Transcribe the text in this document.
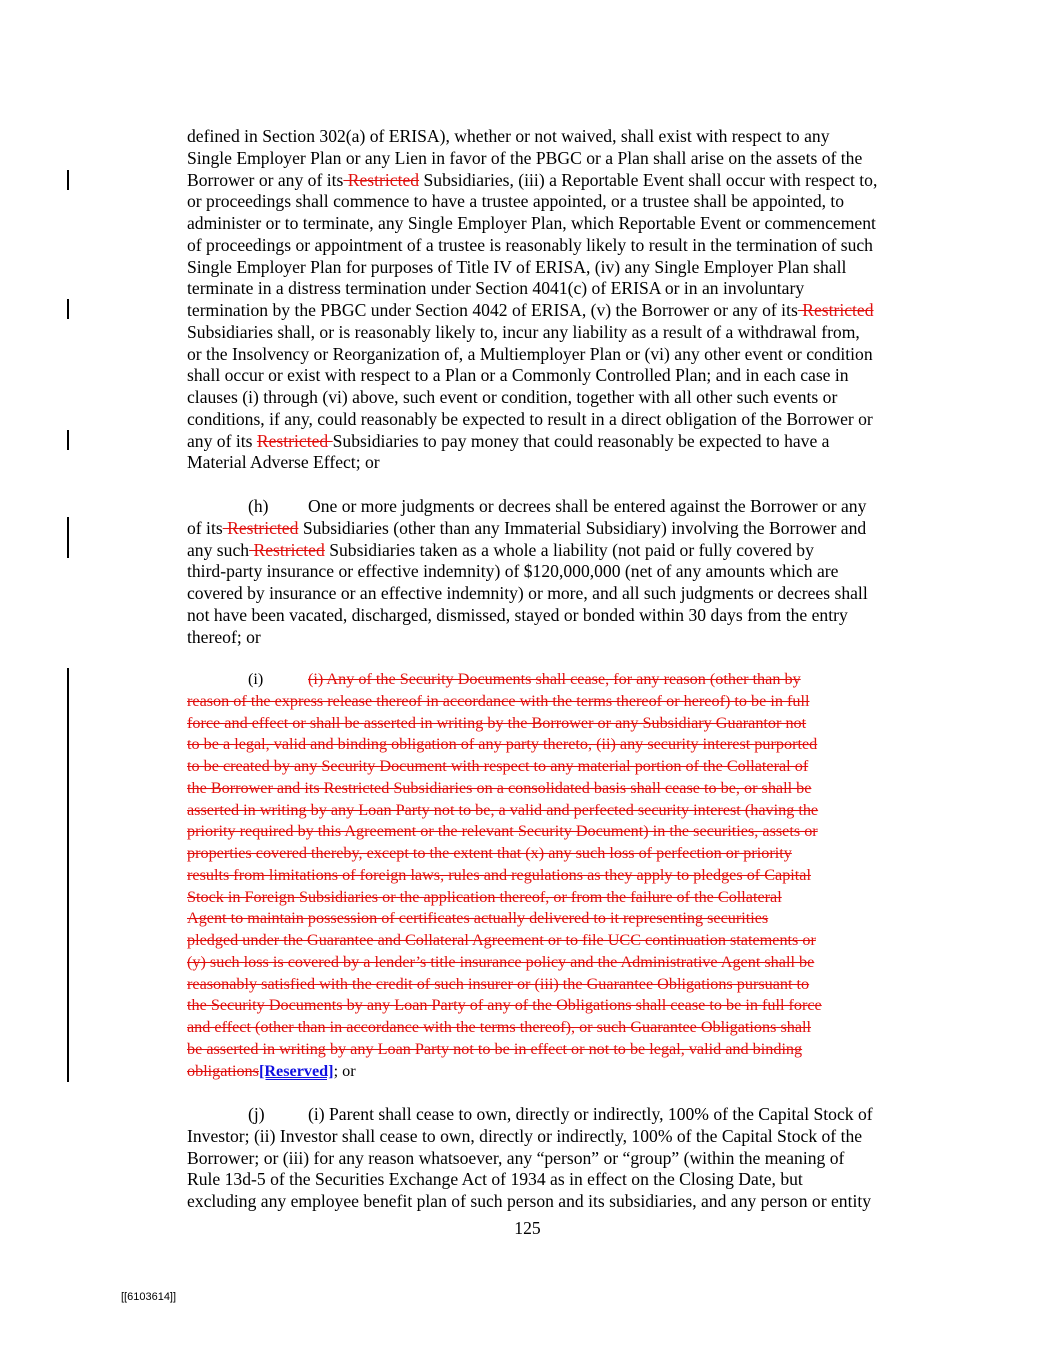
defined in Section 302(a) of ERISA), whether or not waived, shall exist with respect to any
Single Employer Plan or any Lien in favor of the PBGC or a Plan shall arise on the assets of the
Borrower or any of its Restricted Subsidiaries, (iii) a Reportable Event shall occur with respect to,
or proceedings shall commence to have a trustee appointed, or a trustee shall be appointed, to
administer or to terminate, any Single Employer Plan, which Reportable Event or commencement
of proceedings or appointment of a trustee is reasonably likely to result in the termination of such
Single Employer Plan for purposes of Title IV of ERISA, (iv) any Single Employer Plan shall
terminate in a distress termination under Section 4041(c) of ERISA or in an involuntary
termination by the PBGC under Section 4042 of ERISA, (v) the Borrower or any of its Restricted
Subsidiaries shall, or is reasonably likely to, incur any liability as a result of a withdrawal from,
or the Insolvency or Reorganization of, a Multiemployer Plan or (vi) any other event or condition
shall occur or exist with respect to a Plan or a Commonly Controlled Plan; and in each case in
clauses (i) through (vi) above, such event or condition, together with all other such events or
conditions, if any, could reasonably be expected to result in a direct obligation of the Borrower or
any of its Restricted Subsidiaries to pay money that could reasonably be expected to have a
Material Adverse Effect; or
(h) One or more judgments or decrees shall be entered against the Borrower or any
of its Restricted Subsidiaries (other than any Immaterial Subsidiary) involving the Borrower and
any such Restricted Subsidiaries taken as a whole a liability (not paid or fully covered by
third-party insurance or effective indemnity) of $120,000,000 (net of any amounts which are
covered by insurance or an effective indemnity) or more, and all such judgments or decrees shall
not have been vacated, discharged, dismissed, stayed or bonded within 30 days from the entry
thereof; or
(i)	(i) Any of the Security Documents shall cease, for any reason (other than by
reason of the express release thereof in accordance with the terms thereof or hereof) to be in full
force and effect or shall be asserted in writing by the Borrower or any Subsidiary Guarantor not
to be a legal, valid and binding obligation of any party thereto, (ii) any security interest purported
to be created by any Security Document with respect to any material portion of the Collateral of
the Borrower and its Restricted Subsidiaries on a consolidated basis shall cease to be, or shall be
asserted in writing by any Loan Party not to be, a valid and perfected security interest (having the
priority required by this Agreement or the relevant Security Document) in the securities, assets or
properties covered thereby, except to the extent that (x) any such loss of perfection or priority
results from limitations of foreign laws, rules and regulations as they apply to pledges of Capital
Stock in Foreign Subsidiaries or the application thereof, or from the failure of the Collateral
Agent to maintain possession of certificates actually delivered to it representing securities
pledged under the Guarantee and Collateral Agreement or to file UCC continuation statements or
(y) such loss is covered by a lender’s title insurance policy and the Administrative Agent shall be
reasonably satisfied with the credit of such insurer or (iii) the Guarantee Obligations pursuant to
the Security Documents by any Loan Party of any of the Obligations shall cease to be in full force
and effect (other than in accordance with the terms thereof), or such Guarantee Obligations shall
be asserted in writing by any Loan Party not to be in effect or not to be legal, valid and binding
obligations[Reserved]; or
(j) (i) Parent shall cease to own, directly or indirectly, 100% of the Capital Stock of
Investor; (ii) Investor shall cease to own, directly or indirectly, 100% of the Capital Stock of the
Borrower; or (iii) for any reason whatsoever, any “person” or “group” (within the meaning of
Rule 13d-5 of the Securities Exchange Act of 1934 as in effect on the Closing Date, but
excluding any employee benefit plan of such person and its subsidiaries, and any person or entity
125
[[6103614]]
